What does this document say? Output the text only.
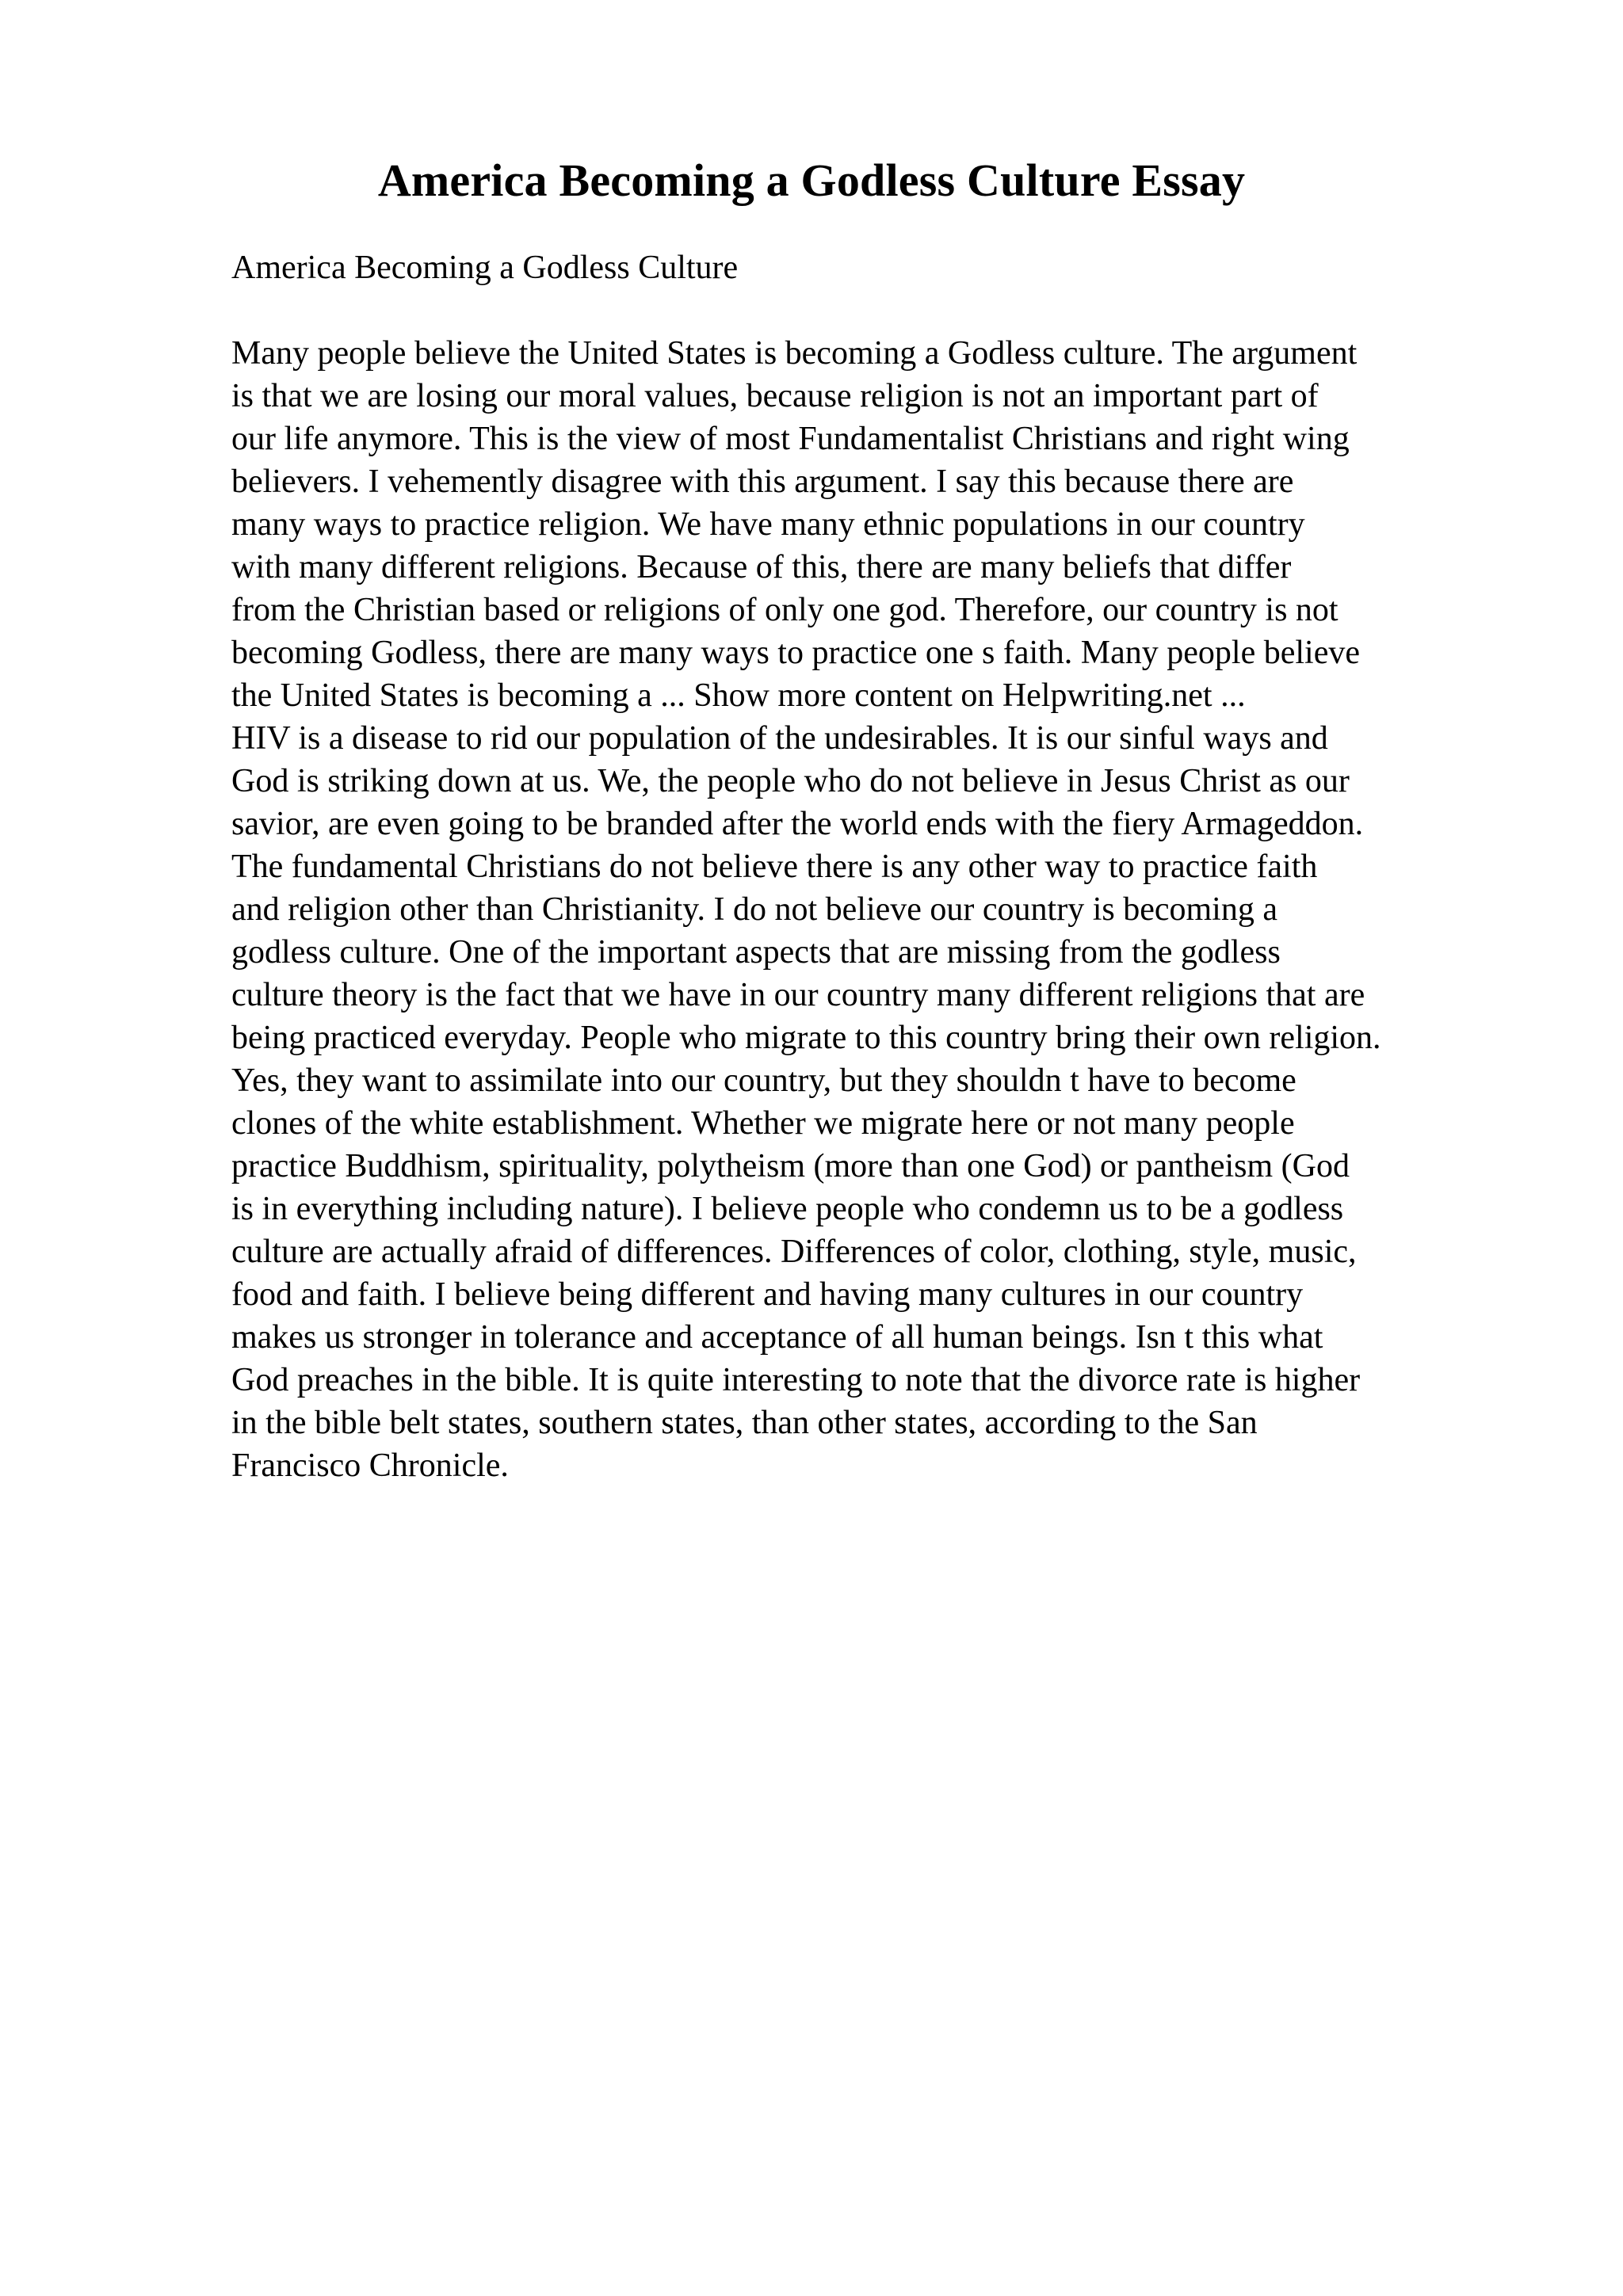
America Becoming a Godless Culture Essay

America Becoming a Godless Culture

Many people believe the United States is becoming a Godless culture. The argument
is that we are losing our moral values, because religion is not an important part of
our life anymore. This is the view of most Fundamentalist Christians and right wing
believers. I vehemently disagree with this argument. I say this because there are
many ways to practice religion. We have many ethnic populations in our country
with many different religions. Because of this, there are many beliefs that differ
from the Christian based or religions of only one god. Therefore, our country is not
becoming Godless, there are many ways to practice one s faith. Many people believe
the United States is becoming a ... Show more content on Helpwriting.net ...
HIV is a disease to rid our population of the undesirables. It is our sinful ways and
God is striking down at us. We, the people who do not believe in Jesus Christ as our
savior, are even going to be branded after the world ends with the fiery Armageddon.
The fundamental Christians do not believe there is any other way to practice faith
and religion other than Christianity. I do not believe our country is becoming a
godless culture. One of the important aspects that are missing from the godless
culture theory is the fact that we have in our country many different religions that are
being practiced everyday. People who migrate to this country bring their own religion.
Yes, they want to assimilate into our country, but they shouldn t have to become
clones of the white establishment. Whether we migrate here or not many people
practice Buddhism, spirituality, polytheism (more than one God) or pantheism (God
is in everything including nature). I believe people who condemn us to be a godless
culture are actually afraid of differences. Differences of color, clothing, style, music,
food and faith. I believe being different and having many cultures in our country
makes us stronger in tolerance and acceptance of all human beings. Isn t this what
God preaches in the bible. It is quite interesting to note that the divorce rate is higher
in the bible belt states, southern states, than other states, according to the San
Francisco Chronicle.
